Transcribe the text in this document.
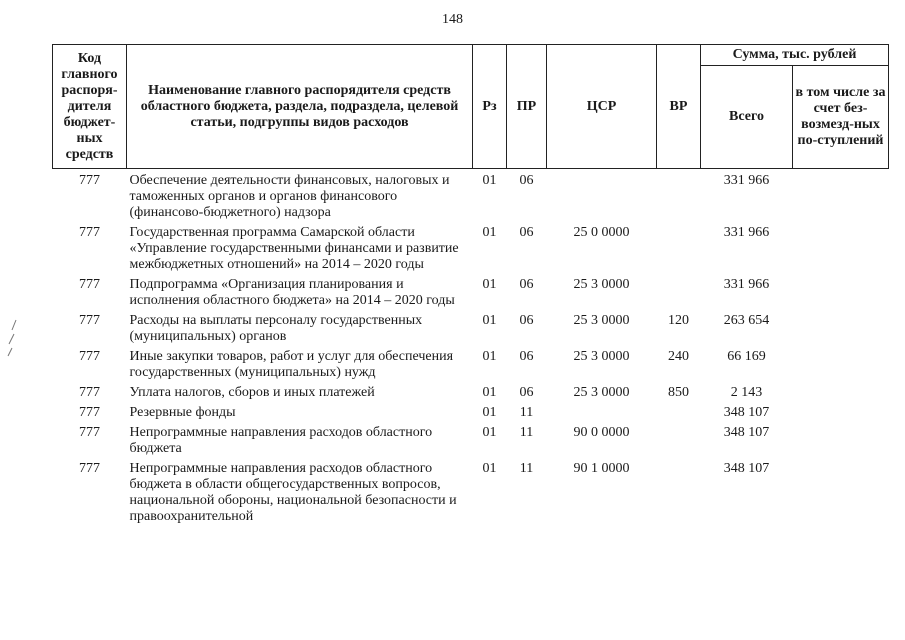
148
Код главного распоря-дителя бюджет-ных средств	Наименование главного распорядителя средств областного бюджета, раздела, подраздела, целевой статьи, подгруппы видов расходов	Рз	ПР	ЦСР	ВР	Сумма, тыс. рублей	
						Всего	в том числе за счет без-возмезд-ных по-ступлений
777	Обеспечение деятельности финансовых, налоговых и таможенных органов и органов финансового (финансово-бюджетного) надзора	01	06			331 966	
777	Государственная программа Самарской области «Управление государственными финансами и развитие межбюджетных отношений» на 2014 – 2020 годы	01	06	25 0 0000		331 966	
777	Подпрограмма «Организация планирования и исполнения областного бюджета» на 2014 – 2020 годы	01	06	25 3 0000		331 966	
777	Расходы на выплаты персоналу государственных (муниципальных) органов	01	06	25 3 0000	120	263 654	
777	Иные закупки товаров, работ и услуг для обеспечения государственных (муниципальных) нужд	01	06	25 3 0000	240	66 169	
777	Уплата налогов, сборов и иных платежей	01	06	25 3 0000	850	2 143	
777	Резервные фонды	01	11			348 107	
777	Непрограммные направления расходов областного бюджета	01	11	90 0 0000		348 107	
777	Непрограммные направления расходов областного бюджета в области общегосударственных вопросов, национальной обороны, национальной безопасности и правоохранительной	01	11	90 1 0000		348 107	
